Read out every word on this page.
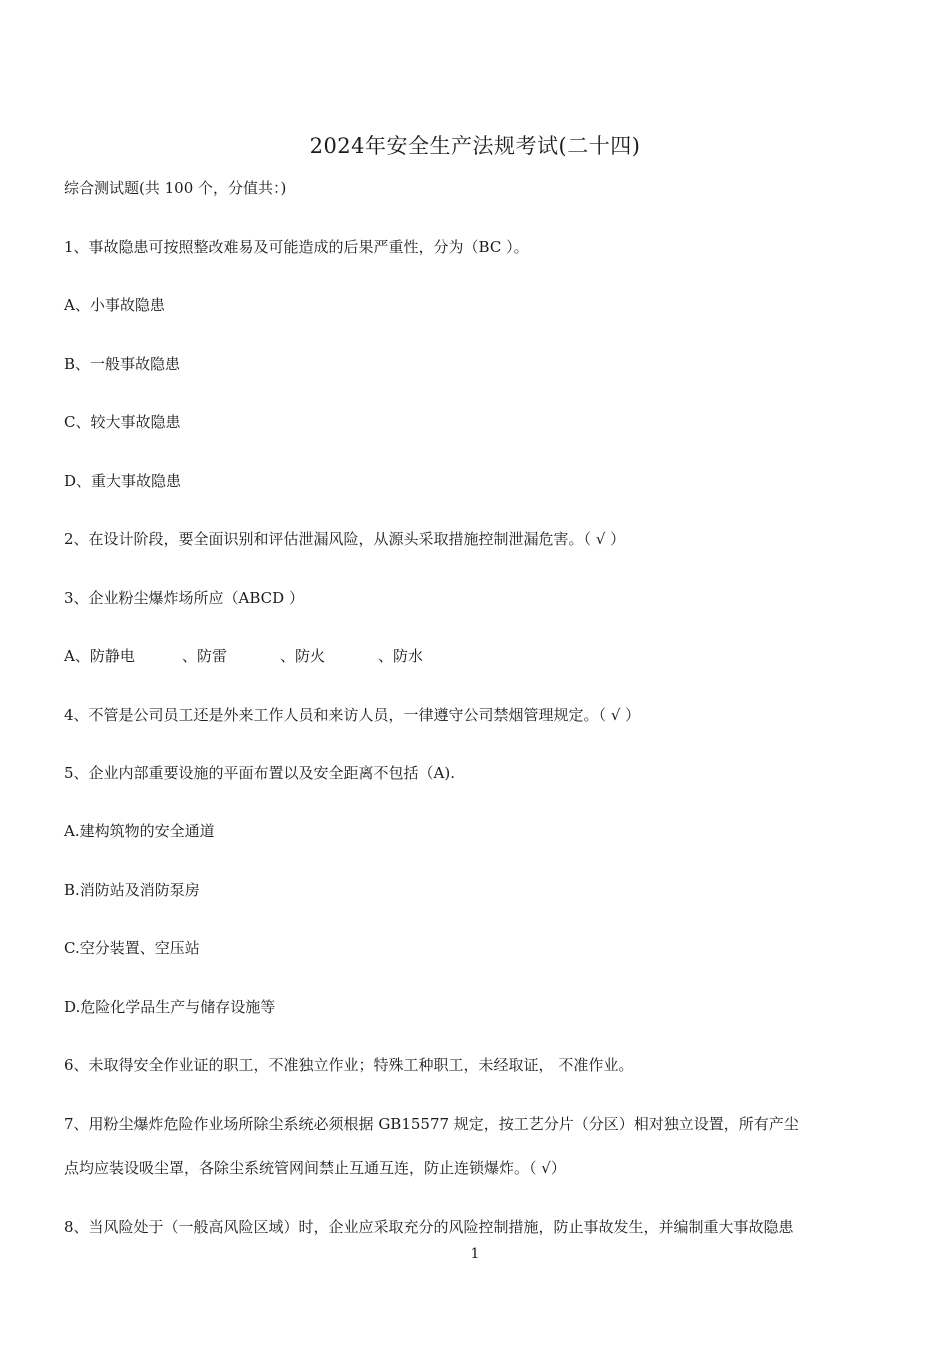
2024年安全生产法规考试(二十四)
综合测试题(共 100 个，分值共：)
1、事故隐患可按照整改难易及可能造成的后果严重性，分为（BC ）。
A、小事故隐患
B、一般事故隐患
C、较大事故隐患
D、重大事故隐患
2、在设计阶段，要全面识别和评估泄漏风险，从源头采取措施控制泄漏危害。（ √ ）
3、企业粉尘爆炸场所应（ABCD ）
A、防静电	、防雷	、防火	、防水
4、不管是公司员工还是外来工作人员和来访人员，一律遵守公司禁烟管理规定。（ √ ）
5、企业内部重要设施的平面布置以及安全距离不包括（A).
A.建构筑物的安全通道
B.消防站及消防泵房
C.空分装置、空压站
D.危险化学品生产与储存设施等
6、未取得安全作业证的职工，不准独立作业；特殊工种职工，未经取证， 不准作业。
7、用粉尘爆炸危险作业场所除尘系统必须根据 GB15577 规定，按工艺分片（分区）相对独立设置，所有产尘
点均应装设吸尘罩，各除尘系统管网间禁止互通互连，防止连锁爆炸。（ √）
8、当风险处于（一般高风险区域）时，企业应采取充分的风险控制措施，防止事故发生，并编制重大事故隐患
1
